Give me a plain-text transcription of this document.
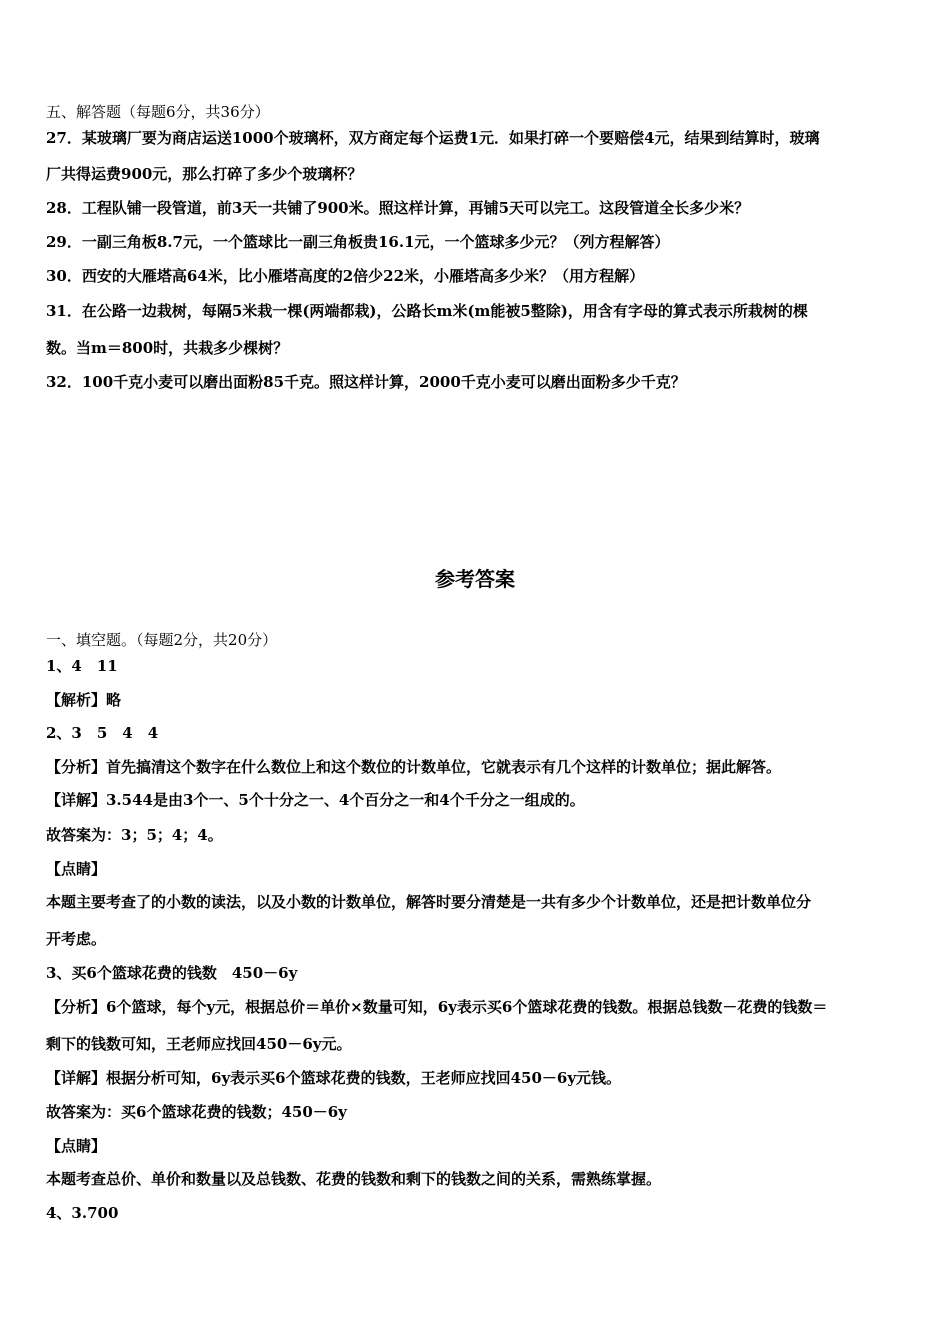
五、解答题（每题6分，共36分）
27．某玻璃厂要为商店运送1000个玻璃杯，双方商定每个运费1元．如果打碎一个要赔偿4元，结果到结算时，玻璃
厂共得运费900元，那么打碎了多少个玻璃杯？
28．工程队铺一段管道，前3天一共铺了900米。照这样计算，再铺5天可以完工。这段管道全长多少米？
29．一副三角板8.7元，一个篮球比一副三角板贵16.1元，一个篮球多少元？（列方程解答）
30．西安的大雁塔高64米，比小雁塔高度的2倍少22米，小雁塔高多少米？（用方程解）
31．在公路一边栽树，每隔5米栽一棵(两端都栽)，公路长m米(m能被5整除)，用含有字母的算式表示所栽树的棵
数。当m＝800时，共栽多少棵树？
32．100千克小麦可以磨出面粉85千克。照这样计算，2000千克小麦可以磨出面粉多少千克？
参考答案
一、填空题。（每题2分，共20分）
1、4　11
【解析】略
2、3　5　4　4
【分析】首先搞清这个数字在什么数位上和这个数位的计数单位，它就表示有几个这样的计数单位；据此解答。
【详解】3.544是由3个一、5个十分之一、4个百分之一和4个千分之一组成的。
故答案为：3；5；4；4。
【点睛】
本题主要考查了的小数的读法，以及小数的计数单位，解答时要分清楚是一共有多少个计数单位，还是把计数单位分
开考虑。
3、买6个篮球花费的钱数　450－6y
【分析】6个篮球，每个y元，根据总价＝单价×数量可知，6y表示买6个篮球花费的钱数。根据总钱数－花费的钱数＝
剩下的钱数可知，王老师应找回450－6y元。
【详解】根据分析可知，6y表示买6个篮球花费的钱数，王老师应找回450－6y元钱。
故答案为：买6个篮球花费的钱数；450－6y
【点睛】
本题考查总价、单价和数量以及总钱数、花费的钱数和剩下的钱数之间的关系，需熟练掌握。
4、3.700
